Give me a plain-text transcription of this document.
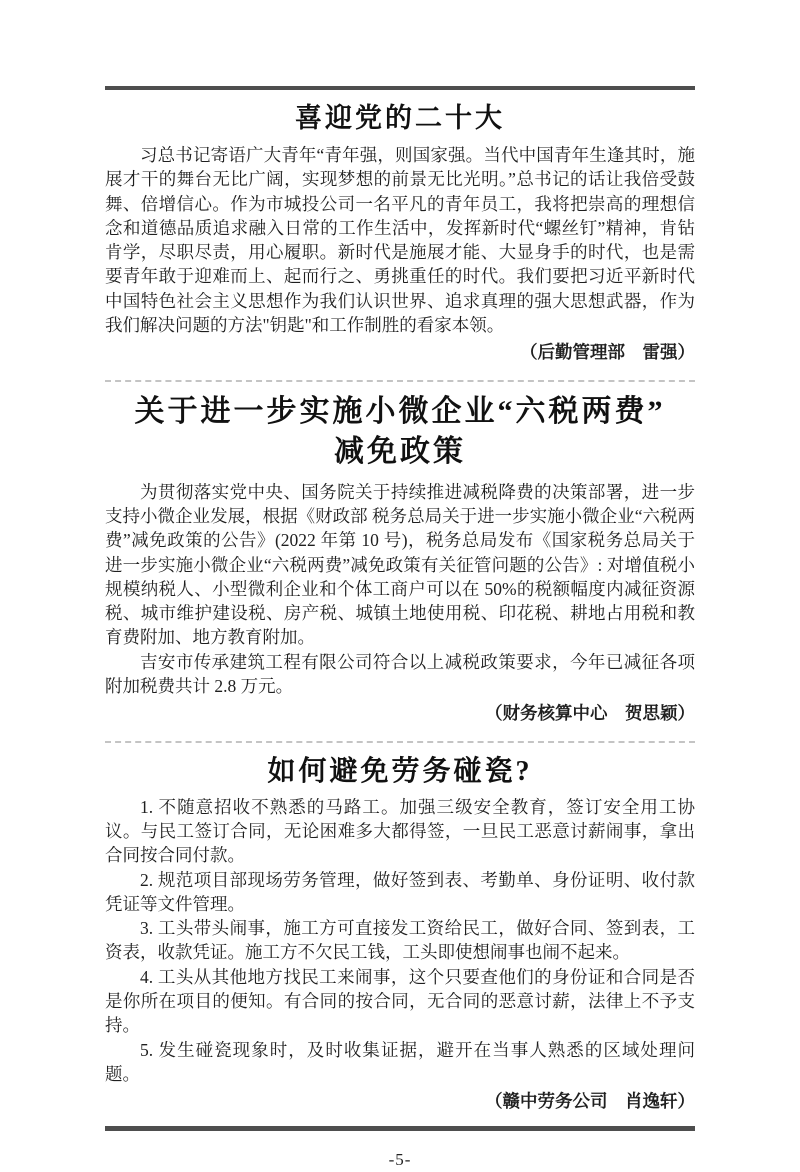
喜迎党的二十大

习总书记寄语广大青年“青年强，则国家强。当代中国青年生逢其时，施展才干的舞台无比广阔，实现梦想的前景无比光明。”总书记的话让我倍受鼓舞、倍增信心。作为市城投公司一名平凡的青年员工，我将把崇高的理想信念和道德品质追求融入日常的工作生活中，发挥新时代“螺丝钉”精神，肯钻肯学，尽职尽责，用心履职。新时代是施展才能、大显身手的时代，也是需要青年敢于迎难而上、起而行之、勇挑重任的时代。我们要把习近平新时代中国特色社会主义思想作为我们认识世界、追求真理的强大思想武器，作为我们解决问题的方法"钥匙"和工作制胜的看家本领。

（后勤管理部　雷强）
关于进一步实施小微企业“六税两费”
减免政策

为贯彻落实党中央、国务院关于持续推进减税降费的决策部署，进一步支持小微企业发展，根据《财政部 税务总局关于进一步实施小微企业“六税两费”减免政策的公告》(2022 年第 10 号)，税务总局发布《国家税务总局关于进一步实施小微企业“六税两费”减免政策有关征管问题的公告》: 对增值税小规模纳税人、小型微利企业和个体工商户可以在 50%的税额幅度内减征资源税、城市维护建设税、房产税、城镇土地使用税、印花税、耕地占用税和教育费附加、地方教育附加。

吉安市传承建筑工程有限公司符合以上减税政策要求，今年已减征各项附加税费共计 2.8 万元。

（财务核算中心　贺思颖）
如何避免劳务碰瓷?

1. 不随意招收不熟悉的马路工。加强三级安全教育，签订安全用工协议。与民工签订合同，无论困难多大都得签，一旦民工恶意讨薪闹事，拿出合同按合同付款。

2. 规范项目部现场劳务管理，做好签到表、考勤单、身份证明、收付款凭证等文件管理。

3. 工头带头闹事，施工方可直接发工资给民工，做好合同、签到表，工资表，收款凭证。施工方不欠民工钱，工头即使想闹事也闹不起来。

4. 工头从其他地方找民工来闹事，这个只要查他们的身份证和合同是否是你所在项目的便知。有合同的按合同，无合同的恶意讨薪，法律上不予支持。

5. 发生碰瓷现象时，及时收集证据，避开在当事人熟悉的区域处理问题。

（赣中劳务公司　肖逸轩）
-5-
